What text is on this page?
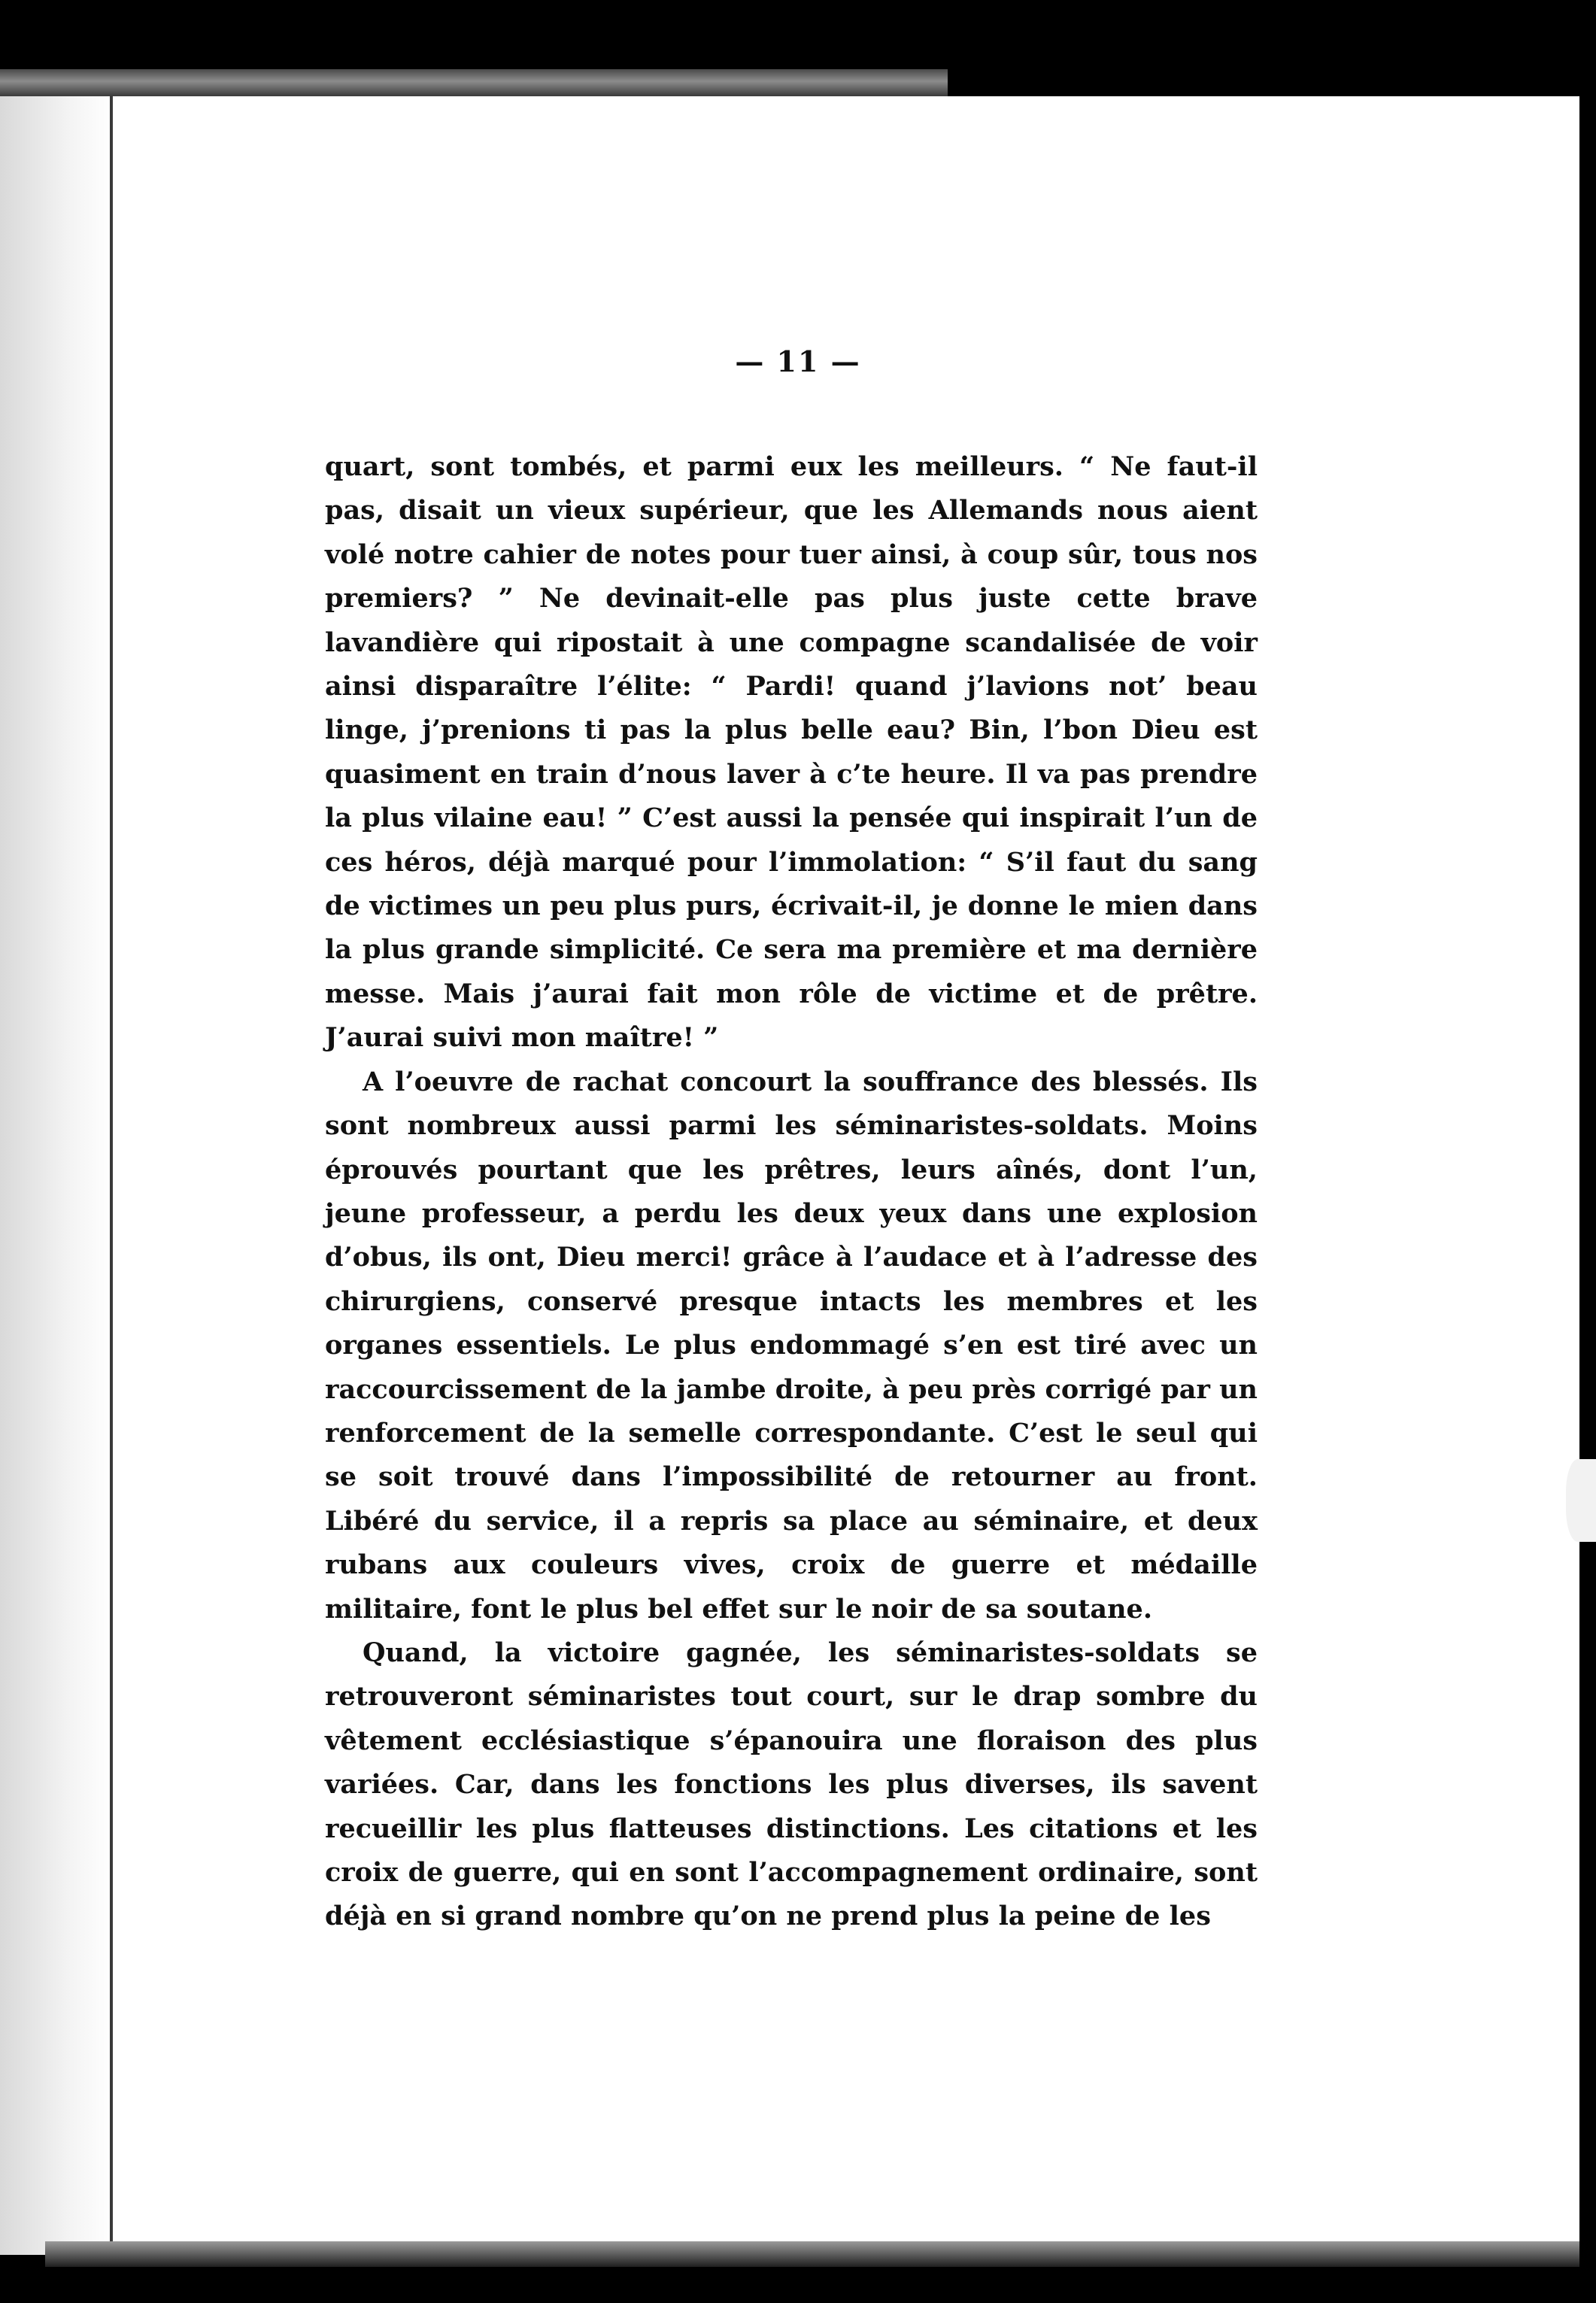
— 11 —

quart, sont tombés, et parmi eux les meilleurs. “ Ne faut-il pas, disait un vieux supérieur, que les Allemands nous aient volé notre cahier de notes pour tuer ainsi, à coup sûr, tous nos premiers? ” Ne devinait-elle pas plus juste cette brave lavandière qui ripostait à une compagne scandalisée de voir ainsi disparaître l’élite: “ Pardi! quand j’lavions not’ beau linge, j’prenions ti pas la plus belle eau? Bin, l’bon Dieu est quasiment en train d’nous laver à c’te heure. Il va pas prendre la plus vilaine eau! ” C’est aussi la pensée qui inspirait l’un de ces héros, déjà marqué pour l’immolation: “ S’il faut du sang de victimes un peu plus purs, écrivait-il, je donne le mien dans la plus grande simplicité. Ce sera ma première et ma dernière messe. Mais j’aurai fait mon rôle de victime et de prêtre. J’aurai suivi mon maître! ”

A l’oeuvre de rachat concourt la souffrance des blessés. Ils sont nombreux aussi parmi les séminaristes-soldats. Moins éprouvés pourtant que les prêtres, leurs aînés, dont l’un, jeune professeur, a perdu les deux yeux dans une explosion d’obus, ils ont, Dieu merci! grâce à l’audace et à l’adresse des chirurgiens, conservé presque intacts les membres et les organes essentiels. Le plus endommagé s’en est tiré avec un raccourcissement de la jambe droite, à peu près corrigé par un renforcement de la semelle correspondante. C’est le seul qui se soit trouvé dans l’impossibilité de retourner au front. Libéré du service, il a repris sa place au séminaire, et deux rubans aux couleurs vives, croix de guerre et médaille militaire, font le plus bel effet sur le noir de sa soutane.

Quand, la victoire gagnée, les séminaristes-soldats se retrouveront séminaristes tout court, sur le drap sombre du vêtement ecclésiastique s’épanouira une floraison des plus variées. Car, dans les fonctions les plus diverses, ils savent recueillir les plus flatteuses distinctions. Les citations et les croix de guerre, qui en sont l’accompagnement ordinaire, sont déjà en si grand nombre qu’on ne prend plus la peine de les
